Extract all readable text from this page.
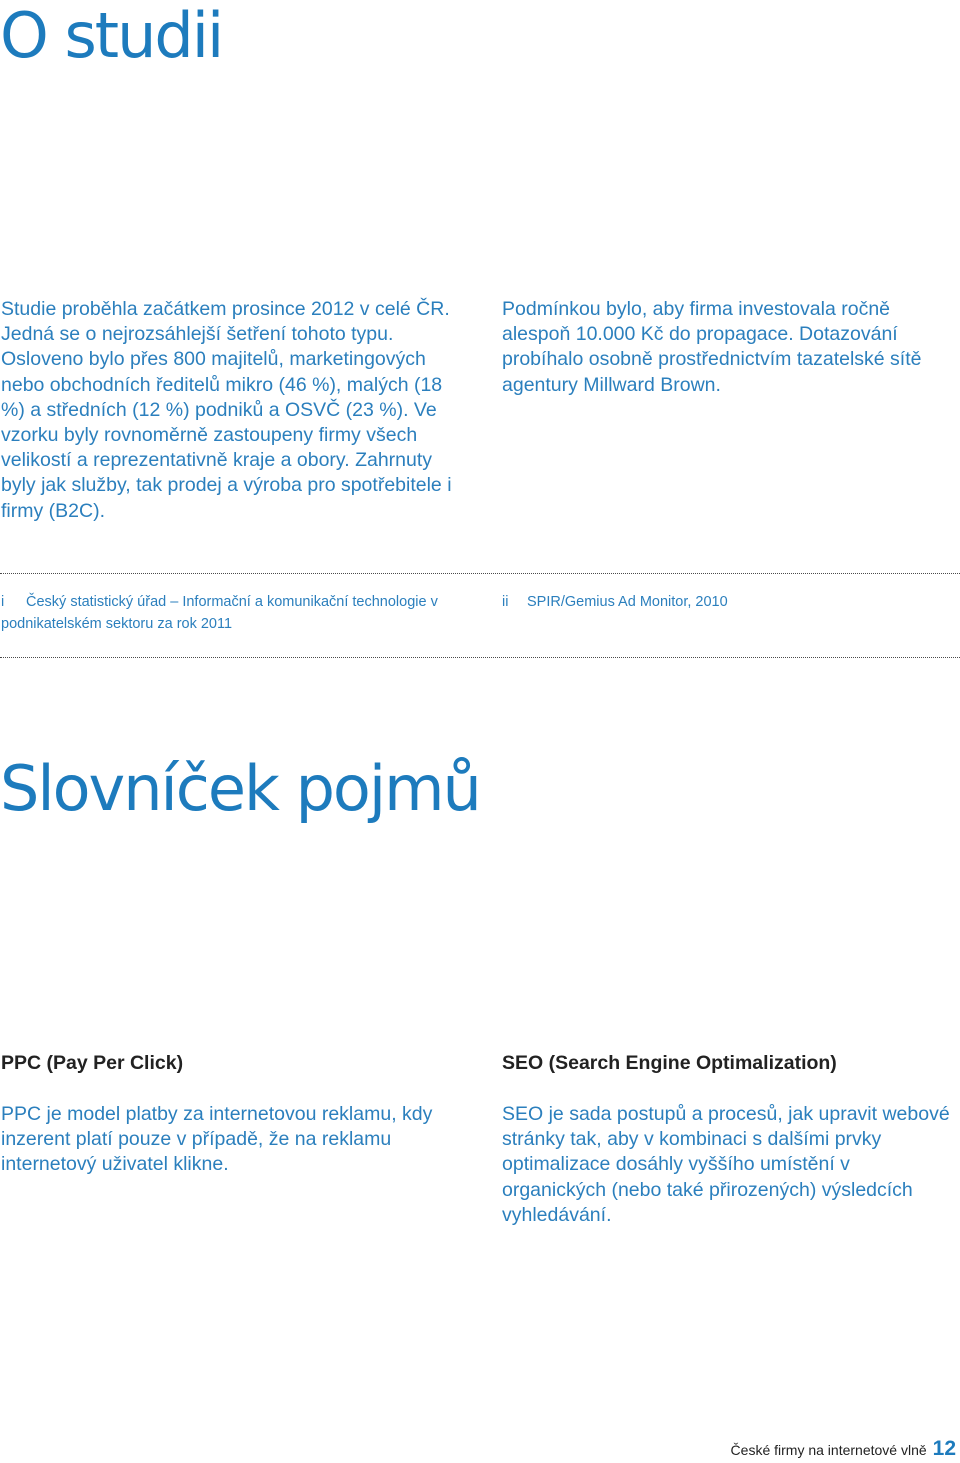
O studii

Studie proběhla začátkem prosince 2012 v celé ČR. Jedná se o nejrozsáhlejší šetření tohoto typu. Osloveno bylo přes 800 majitelů, marketingových nebo obchodních ředitelů mikro (46 %), malých (18 %) a středních (12 %) podniků a OSVČ (23 %). Ve vzorku byly rovnoměrně zastoupeny firmy všech velikostí a reprezentativně kraje a obory. Zahrnuty byly jak služby, tak prodej a výroba pro spotřebitele i firmy (B2C).

Podmínkou bylo, aby firma investovala ročně alespoň 10.000 Kč do propagace. Dotazování probíhalo osobně prostřednictvím tazatelské sítě agentury Millward Brown.

i Český statistický úřad – Informační a komunikační technologie v podnikatelském sektoru za rok 2011
ii SPIR/Gemius Ad Monitor, 2010
Slovníček pojmů
PPC (Pay Per Click)

PPC je model platby za internetovou reklamu, kdy inzerent platí pouze v případě, že na reklamu internetový uživatel klikne.

SEO (Search Engine Optimalization)

SEO je sada postupů a procesů, jak upravit webové stránky tak, aby v kombinaci s dalšími prvky optimalizace dosáhly vyššího umístění v organických (nebo také přirozených) výsledcích vyhledávání.

České firmy na internetové vlně 12
